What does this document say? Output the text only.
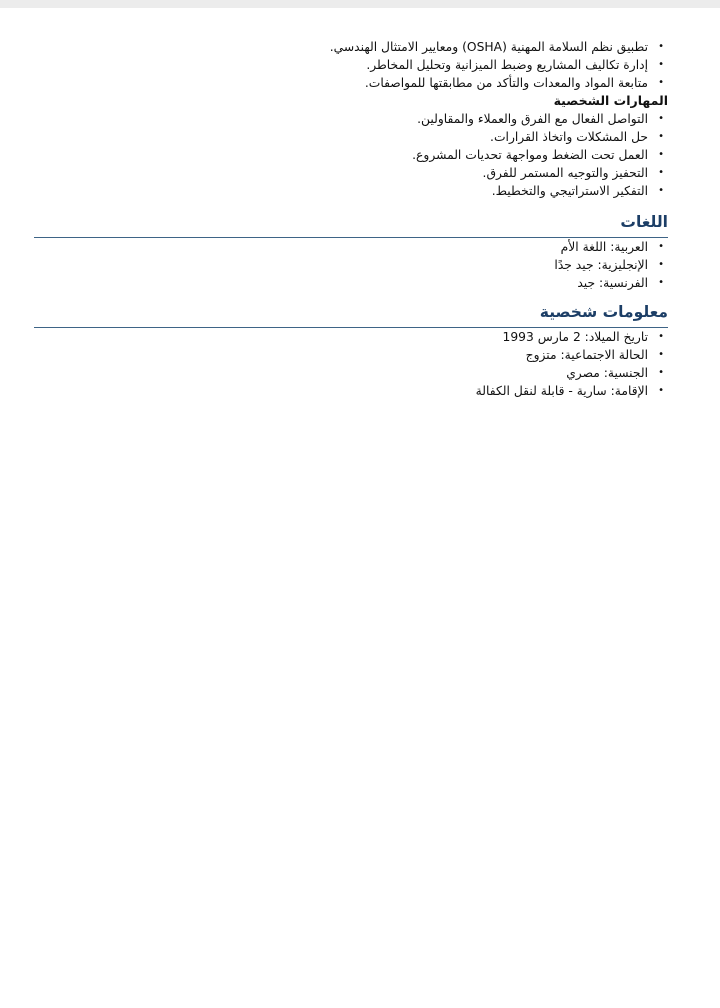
• تطبيق نظم السلامة المهنية (OSHA) ومعايير الامتثال الهندسي.
• إدارة تكاليف المشاريع وضبط الميزانية وتحليل المخاطر.
• متابعة المواد والمعدات والتأكد من مطابقتها للمواصفات.
المهارات الشخصية
• التواصل الفعال مع الفرق والعملاء والمقاولين.
• حل المشكلات واتخاذ القرارات.
• العمل تحت الضغط ومواجهة تحديات المشروع.
• التحفيز والتوجيه المستمر للفرق.
• التفكير الاستراتيجي والتخطيط.
اللغات
• العربية: اللغة الأم
• الإنجليزية: جيد جدًا
• الفرنسية: جيد
معلومات شخصية
• تاريخ الميلاد: 2 مارس 1993
• الحالة الاجتماعية: متزوج
• الجنسية: مصري
• الإقامة: سارية - قابلة لنقل الكفالة
